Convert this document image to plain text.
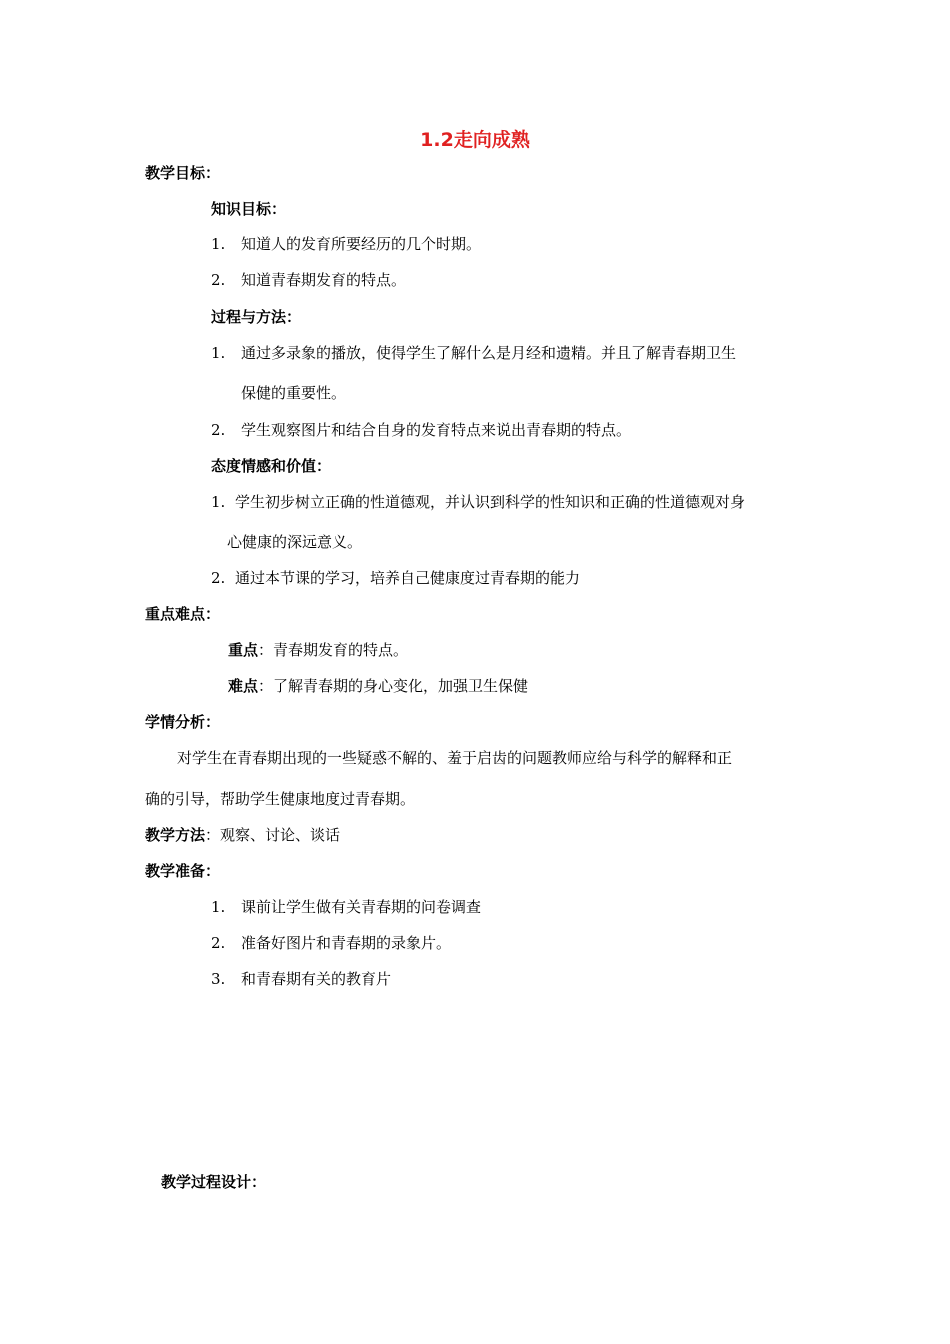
1.2走向成熟
教学目标：
知识目标：
1. 知道人的发育所要经历的几个时期。
2. 知道青春期发育的特点。
过程与方法：
1. 通过多录象的播放，使得学生了解什么是月经和遗精。并且了解青春期卫生
保健的重要性。
2. 学生观察图片和结合自身的发育特点来说出青春期的特点。
态度情感和价值：
1. 学生初步树立正确的性道德观，并认识到科学的性知识和正确的性道德观对身
心健康的深远意义。
2. 通过本节课的学习，培养自己健康度过青春期的能力
重点难点：
重点：青春期发育的特点。
难点：了解青春期的身心变化，加强卫生保健
学情分析：
对学生在青春期出现的一些疑惑不解的、羞于启齿的问题教师应给与科学的解释和正
确的引导，帮助学生健康地度过青春期。
教学方法：观察、讨论、谈话
教学准备：
1. 课前让学生做有关青春期的问卷调查
2. 准备好图片和青春期的录象片。
3. 和青春期有关的教育片
教学过程设计：
